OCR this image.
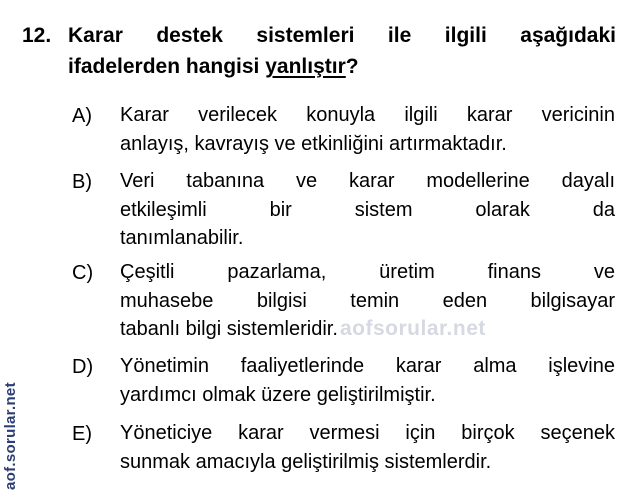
12. Karar destek sistemleri ile ilgili aşağıdaki
ifadelerden hangisi yanlıştır?
A) Karar verilecek konuyla ilgili karar vericinin
anlayış, kavrayış ve etkinliğini artırmaktadır.
B) Veri tabanına ve karar modellerine dayalı
etkileşimli bir sistem olarak da
tanımlanabilir.
C) Çeşitli pazarlama, üretim finans ve
muhasebe bilgisi temin eden bilgisayar
tabanlı bilgi sistemleridir.
D) Yönetimin faaliyetlerinde karar alma işlevine
yardımcı olmak üzere geliştirilmiştir.
E) Yöneticiye karar vermesi için birçok seçenek
sunmak amacıyla geliştirilmiş sistemlerdir.
aofsorular.net
aof.sorular.net
